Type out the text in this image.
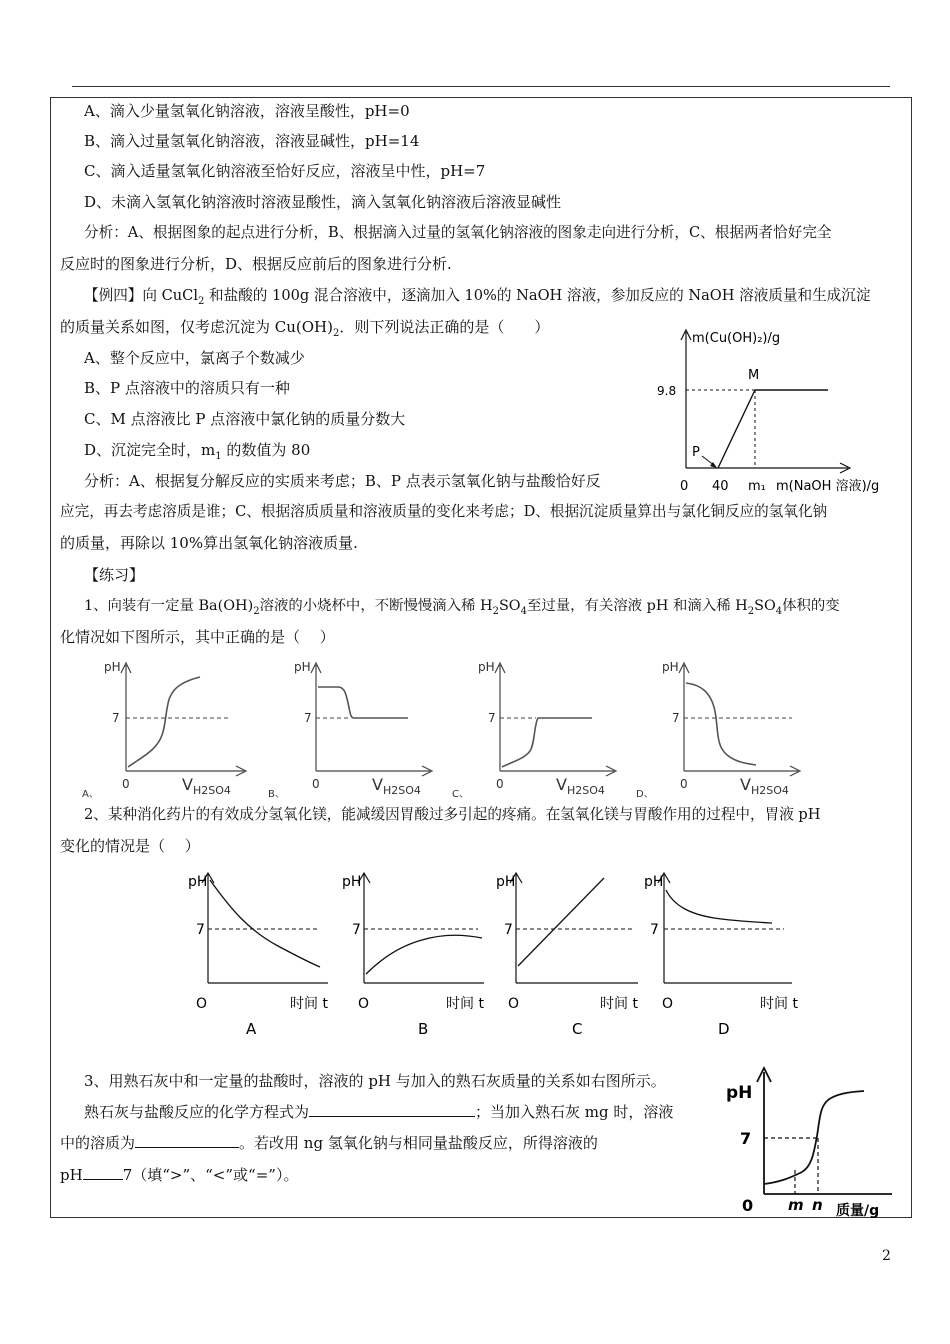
A、滴入少量氢氧化钠溶液，溶液呈酸性，pH=0
B、滴入过量氢氧化钠溶液，溶液显碱性，pH=14
C、滴入适量氢氧化钠溶液至恰好反应，溶液呈中性，pH=7
D、未滴入氢氧化钠溶液时溶液显酸性，滴入氢氧化钠溶液后溶液显碱性
分析：A、根据图象的起点进行分析，B、根据滴入过量的氢氧化钠溶液的图象走向进行分析，C、根据两者恰好完全
反应时的图象进行分析，D、根据反应前后的图象进行分析.
【例四】向 CuCl$_2$ 和盐酸的 100g 混合溶液中，逐滴加入 10%的 NaOH 溶液，参加反应的 NaOH 溶液质量和生成沉淀
的质量关系如图，仅考虑沉淀为 $Cu(OH)_2$．则下列说法正确的是（　　）
A、整个反应中，氯离子个数减少
B、P 点溶液中的溶质只有一种
C、M 点溶液比 P 点溶液中氯化钠的质量分数大
D、沉淀完全时，$m_1$ 的数值为 80
分析：A、根据复分解反应的实质来考虑；B、P 点表示氢氧化钠与盐酸恰好反
应完，再去考虑溶质是谁；C、根据溶质质量和溶液质量的变化来考虑；D、根据沉淀质量算出与氯化铜反应的氢氧化钠
的质量，再除以 10%算出氢氧化钠溶液质量.
m(Cu(OH)₂)/g
9.8
M
P
0 40 m₁ m(NaOH 溶液)/g
【练习】
1、向装有一定量 $Ba(OH)_2$溶液的小烧杯中，不断慢慢滴入稀 $H_2SO_4$至过量，有关溶液 pH 和滴入稀 $H_2SO_4$体积的变
化情况如下图所示，其中正确的是（　 ）
pH
7
0	$V_{H2SO4}$
A、
pH
7
0	$V_{H2SO4}$
B、
pH
7
0	$V_{H2SO4}$
C、
pH
7
0	$V_{H2SO4}$
D、
2、某种消化药片的有效成分氢氧化镁，能减缓因胃酸过多引起的疼痛。在氢氧化镁与胃酸作用的过程中，胃液 pH
变化的情况是（　 ）
pH
7
O	时间 t
A
pH
7
O	时间 t
B
pH
7
O	时间 t
C
pH
7
O	时间 t
D
3、用熟石灰中和一定量的盐酸时，溶液的 pH 与加入的熟石灰质量的关系如右图所示。
熟石灰与盐酸反应的化学方程式为	；当加入熟石灰 mg 时，溶液
中的溶质为	。若改用 ng 氢氧化钠与相同量盐酸反应，所得溶液的
pH	7（填“>”、“<”或“=”）。
pH
7
0 m n 质量/g
2
